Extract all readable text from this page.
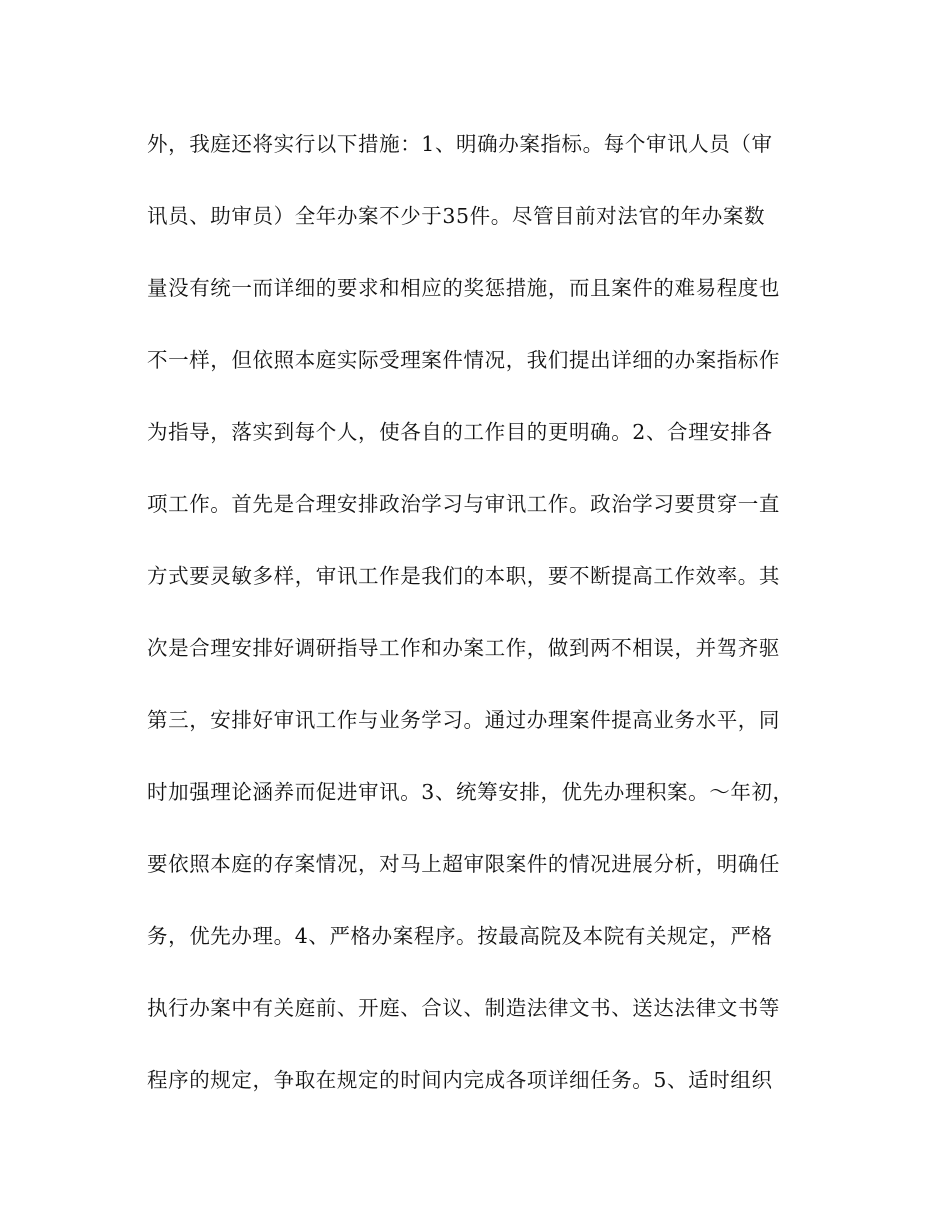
外，我庭还将实行以下措施：1、明确办案指标。每个审讯人员（审
讯员、助审员）全年办案不少于35件。尽管目前对法官的年办案数
量没有统一而详细的要求和相应的奖惩措施，而且案件的难易程度也
不一样，但依照本庭实际受理案件情况，我们提出详细的办案指标作
为指导，落实到每个人，使各自的工作目的更明确。2、合理安排各
项工作。首先是合理安排政治学习与审讯工作。政治学习要贯穿一直
方式要灵敏多样，审讯工作是我们的本职，要不断提高工作效率。其
次是合理安排好调研指导工作和办案工作，做到两不相误，并驾齐驱
第三，安排好审讯工作与业务学习。通过办理案件提高业务水平，同
时加强理论涵养而促进审讯。3、统筹安排，优先办理积案。～年初，
要依照本庭的存案情况，对马上超审限案件的情况进展分析，明确任
务，优先办理。4、严格办案程序。按最高院及本院有关规定，严格
执行办案中有关庭前、开庭、合议、制造法律文书、送达法律文书等
程序的规定，争取在规定的时间内完成各项详细任务。5、适时组织
